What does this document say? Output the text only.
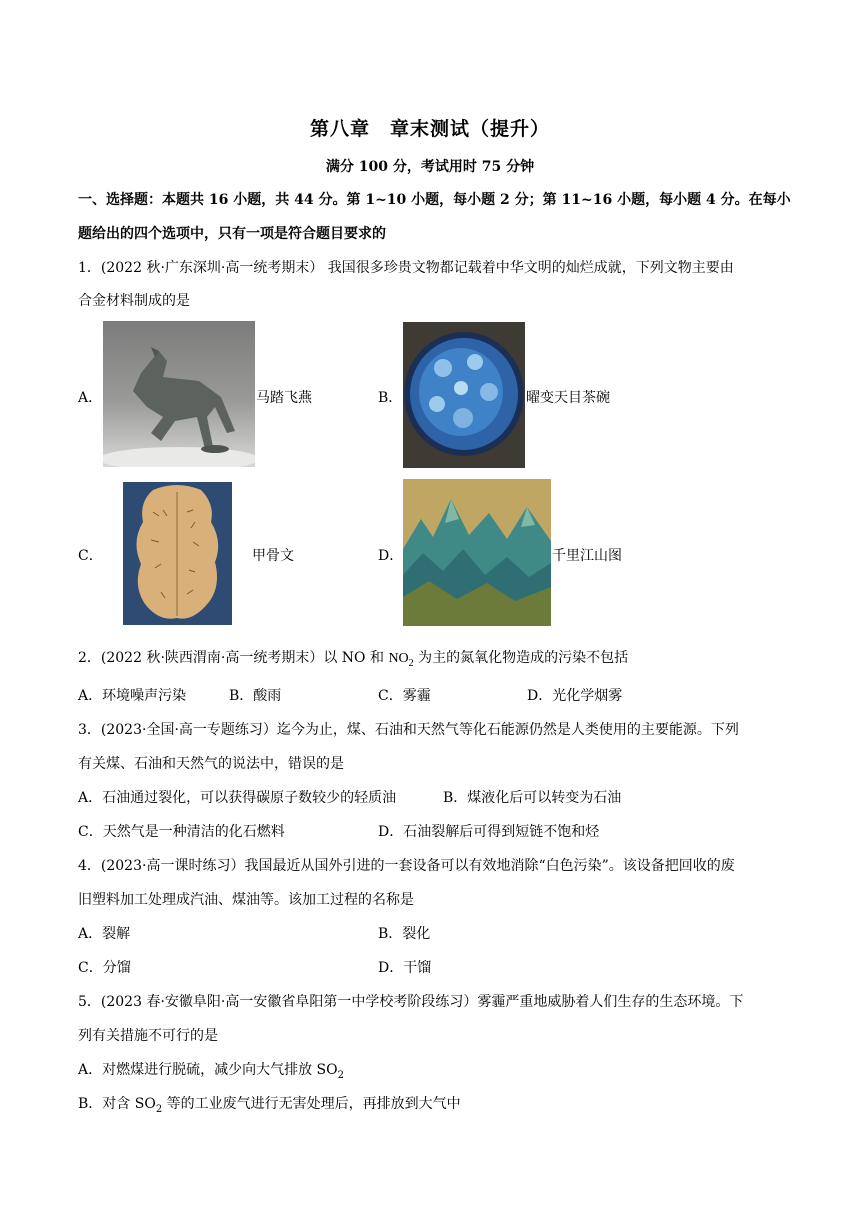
第八章　章末测试（提升）
满分 100 分，考试用时 75 分钟
一、选择题：本题共 16 小题，共 44 分。第 1~10 小题，每小题 2 分；第 11~16 小题，每小题 4 分。在每小
题给出的四个选项中，只有一项是符合题目要求的
1．(2022 秋·广东深圳·高一统考期末） 我国很多珍贵文物都记载着中华文明的灿烂成就，下列文物主要由
合金材料制成的是
A．	马踏飞燕	B．	曜变天目茶碗
C．	甲骨文	D．	千里江山图
2．(2022 秋·陕西渭南·高一统考期末）以 NO 和 $NO_2$ 为主的氮氧化物造成的污染不包括
A．环境噪声污染	B．酸雨	C．雾霾	D．光化学烟雾
3．(2023·全国·高一专题练习）迄今为止，煤、石油和天然气等化石能源仍然是人类使用的主要能源。下列
有关煤、石油和天然气的说法中，错误的是
A．石油通过裂化，可以获得碳原子数较少的轻质油	B．煤液化后可以转变为石油
C．天然气是一种清洁的化石燃料	D．石油裂解后可得到短链不饱和烃
4．(2023·高一课时练习）我国最近从国外引进的一套设备可以有效地消除“白色污染”。该设备把回收的废
旧塑料加工处理成汽油、煤油等。该加工过程的名称是
A．裂解	B．裂化
C．分馏	D．干馏
5．(2023 春·安徽阜阳·高一安徽省阜阳第一中学校考阶段练习）雾霾严重地威胁着人们生存的生态环境。下
列有关措施不可行的是
A．对燃煤进行脱硫，减少向大气排放 $SO_2$
B．对含 $SO_2$ 等的工业废气进行无害处理后，再排放到大气中
